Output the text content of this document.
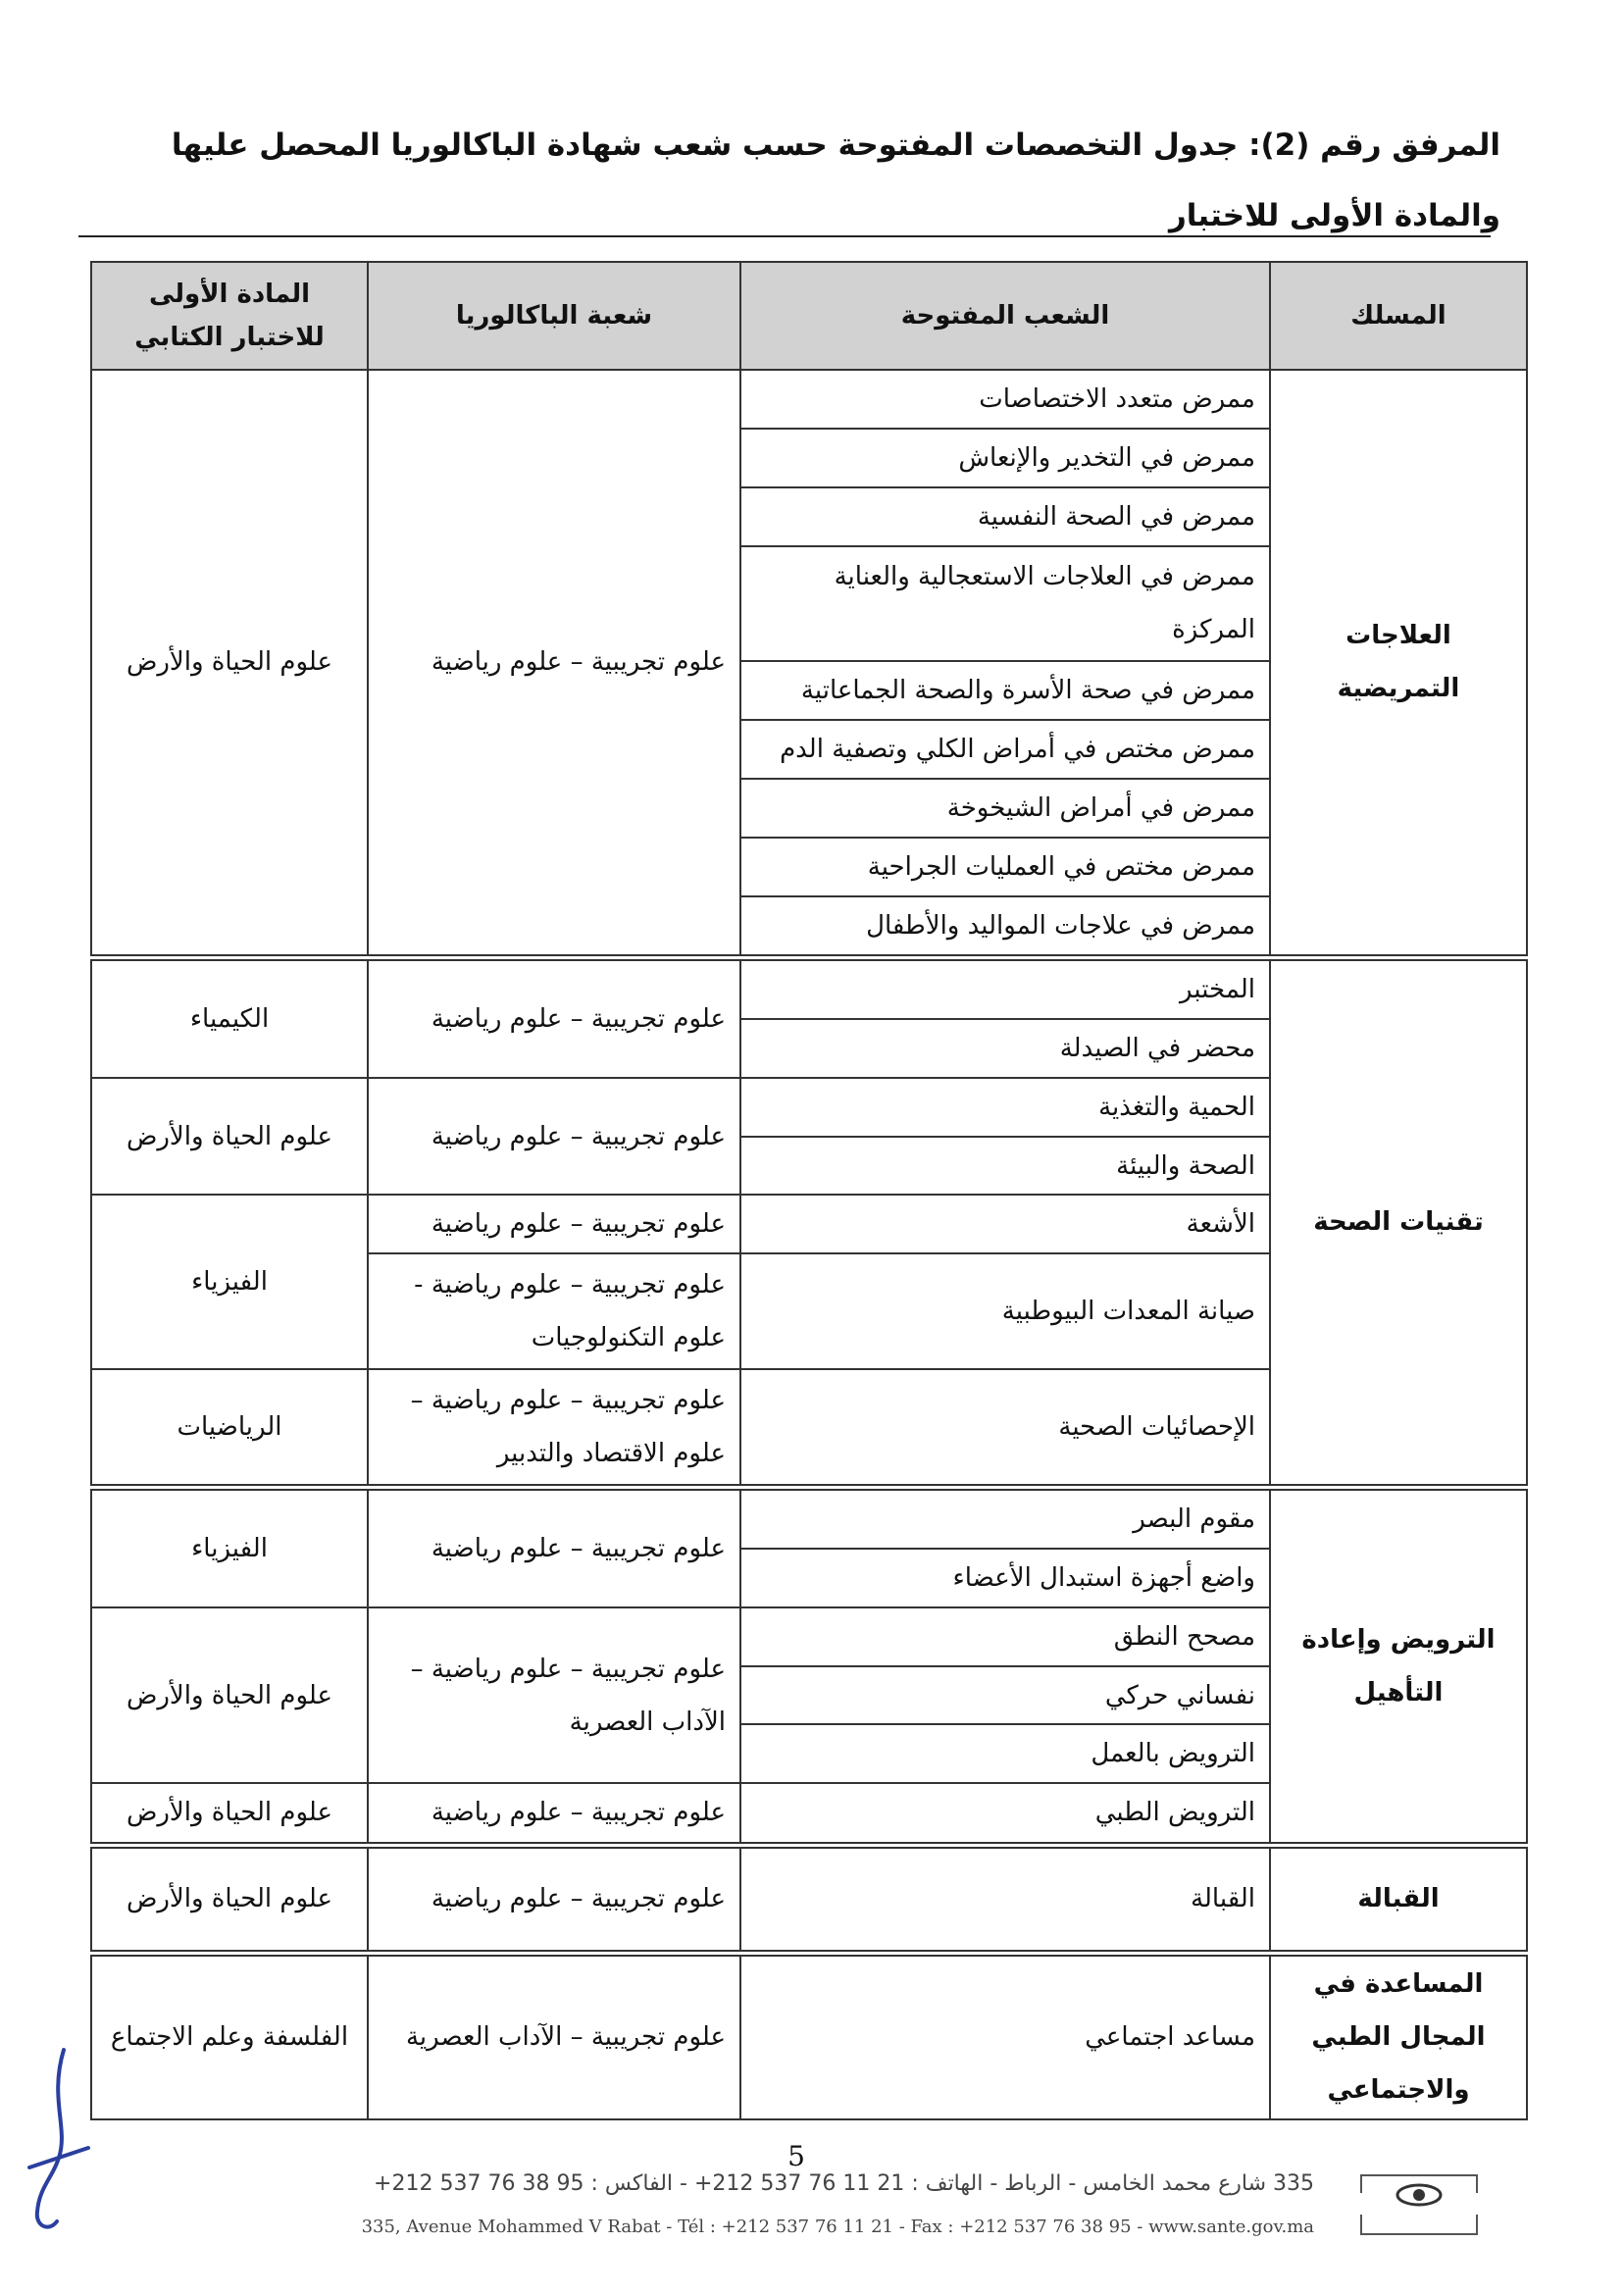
المرفق رقم (2): جدول التخصصات المفتوحة حسب شعب شهادة الباكالوريا المحصل عليها والمادة الأولى للاختبار
المسلك	الشعب المفتوحة	شعبة الباكالوريا	المادة الأولى للاختبار الكتابي
العلاجات التمريضية	ممرض متعدد الاختصاصات	علوم تجريبية – علوم رياضية	علوم الحياة والأرض
	ممرض في التخدير والإنعاش		
	ممرض في الصحة النفسية		
	ممرض في العلاجات الاستعجالية والعناية المركزة		
	ممرض في صحة الأسرة والصحة الجماعاتية		
	ممرض مختص في أمراض الكلي وتصفية الدم		
	ممرض في أمراض الشيخوخة		
	ممرض مختص في العمليات الجراحية		
	ممرض في علاجات المواليد والأطفال		
تقنيات الصحة	المختبر	علوم تجريبية – علوم رياضية	الكيمياء
	محضر في الصيدلة		
	الحمية والتغذية	علوم تجريبية – علوم رياضية	علوم الحياة والأرض
	الصحة والبيئة		
	الأشعة	علوم تجريبية – علوم رياضية	الفيزياء
	صيانة المعدات البيوطبية	علوم تجريبية – علوم رياضية - علوم التكنولوجيات	
	الإحصائيات الصحية	علوم تجريبية – علوم رياضية – علوم الاقتصاد والتدبير	الرياضيات
الترويض وإعادة التأهيل	مقوم البصر	علوم تجريبية – علوم رياضية	الفيزياء
	واضع أجهزة استبدال الأعضاء		
	مصحح النطق	علوم تجريبية – علوم رياضية – الآداب العصرية	علوم الحياة والأرض
	نفساني حركي		
	الترويض بالعمل		
	الترويض الطبي	علوم تجريبية – علوم رياضية	علوم الحياة والأرض
القبالة	القبالة	علوم تجريبية – علوم رياضية	علوم الحياة والأرض
المساعدة في المجال الطبي والاجتماعي	مساعد اجتماعي	علوم تجريبية – الآداب العصرية	الفلسفة وعلم الاجتماع
5
335 شارع محمد الخامس - الرباط - الهاتف : 21 11 76 537 212+ - الفاكس : 95 38 76 537 212+
335, Avenue Mohammed V Rabat - Tél : +212 537 76 11 21 - Fax : +212 537 76 38 95 - www.sante.gov.ma
